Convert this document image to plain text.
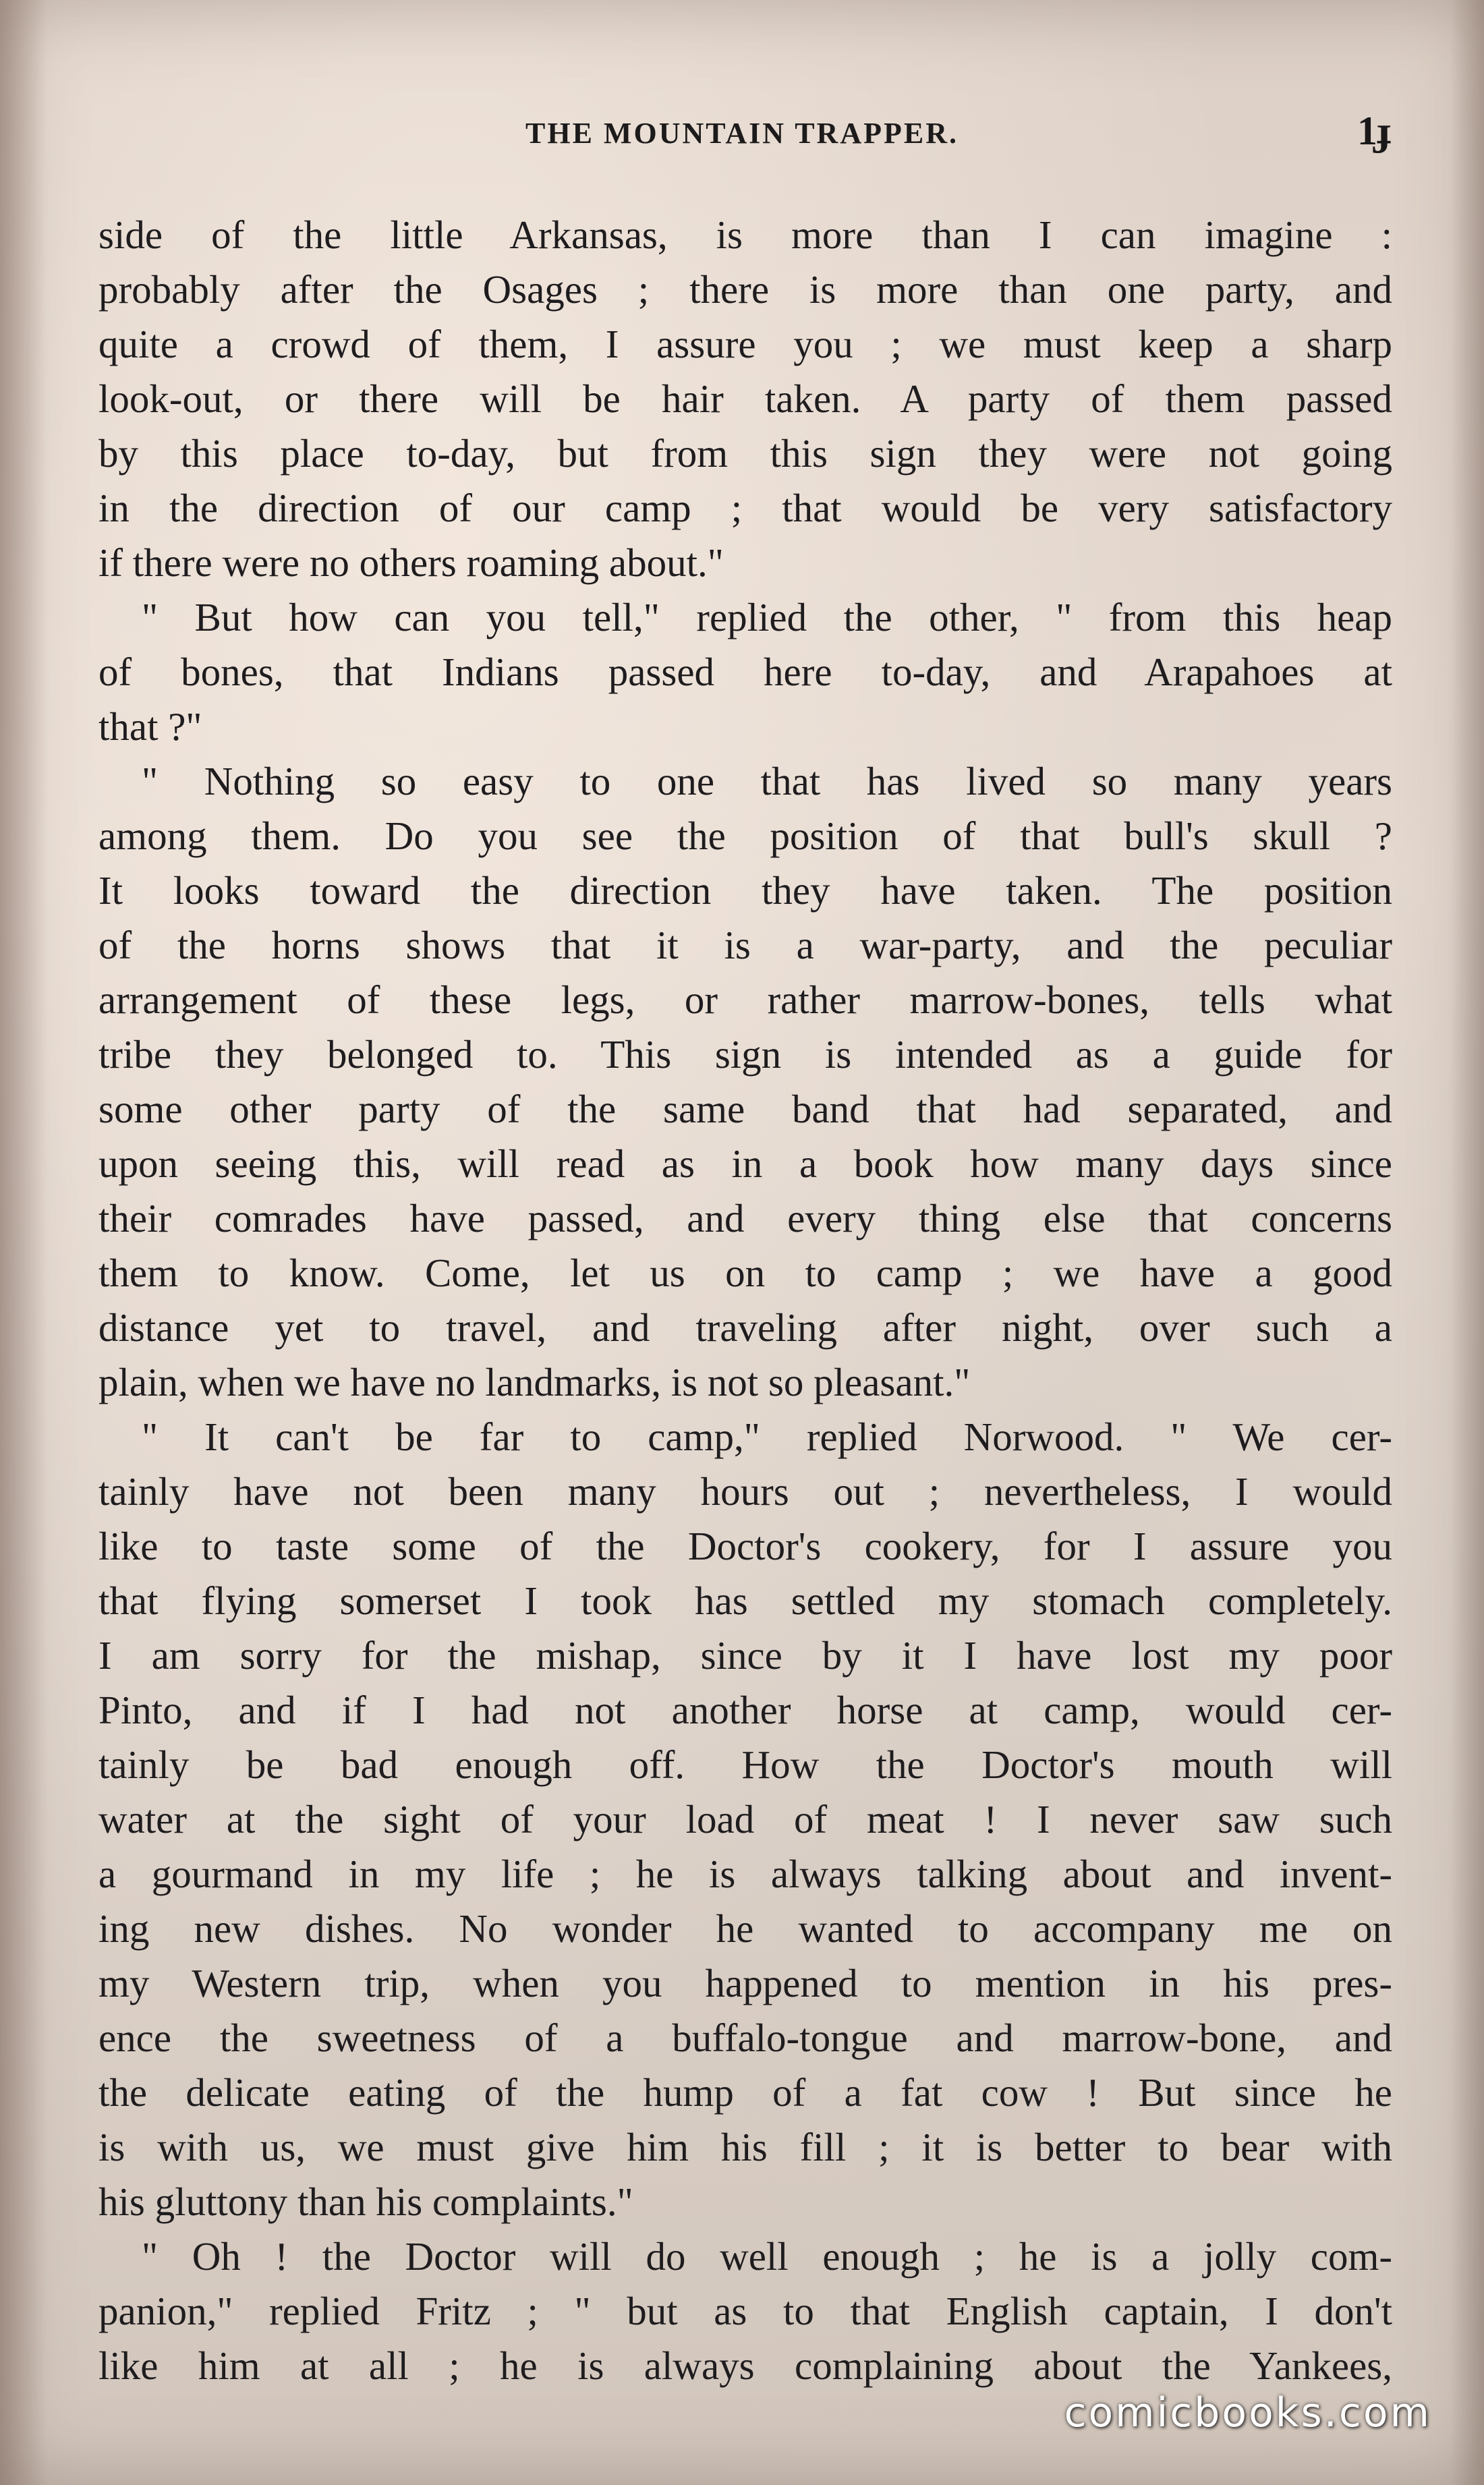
THE MOUNTAIN TRAPPER.	1ɟ
side of the little Arkansas, is more than I can imagine :
probably after the Osages ; there is more than one party, and
quite a crowd of them, I assure you ; we must keep a sharp
look-out, or there will be hair taken. A party of them passed
by this place to-day, but from this sign they were not going
in the direction of our camp ; that would be very satisfactory
if there were no others roaming about."
" But how can you tell," replied the other, " from this heap
of bones, that Indians passed here to-day, and Arapahoes at
that ?"
" Nothing so easy to one that has lived so many years
among them. Do you see the position of that bull's skull ?
It looks toward the direction they have taken. The position
of the horns shows that it is a war-party, and the peculiar
arrangement of these legs, or rather marrow-bones, tells what
tribe they belonged to. This sign is intended as a guide for
some other party of the same band that had separated, and
upon seeing this, will read as in a book how many days since
their comrades have passed, and every thing else that concerns
them to know. Come, let us on to camp ; we have a good
distance yet to travel, and traveling after night, over such a
plain, when we have no landmarks, is not so pleasant."
" It can't be far to camp," replied Norwood. " We cer-
tainly have not been many hours out ; nevertheless, I would
like to taste some of the Doctor's cookery, for I assure you
that flying somerset I took has settled my stomach completely.
I am sorry for the mishap, since by it I have lost my poor
Pinto, and if I had not another horse at camp, would cer-
tainly be bad enough off. How the Doctor's mouth will
water at the sight of your load of meat ! I never saw such
a gourmand in my life ; he is always talking about and invent-
ing new dishes. No wonder he wanted to accompany me on
my Western trip, when you happened to mention in his pres-
ence the sweetness of a buffalo-tongue and marrow-bone, and
the delicate eating of the hump of a fat cow ! But since he
is with us, we must give him his fill ; it is better to bear with
his gluttony than his complaints."
" Oh ! the Doctor will do well enough ; he is a jolly com-
panion," replied Fritz ; " but as to that English captain, I don't
like him at all ; he is always complaining about the Yankees,
comicbooks.com
